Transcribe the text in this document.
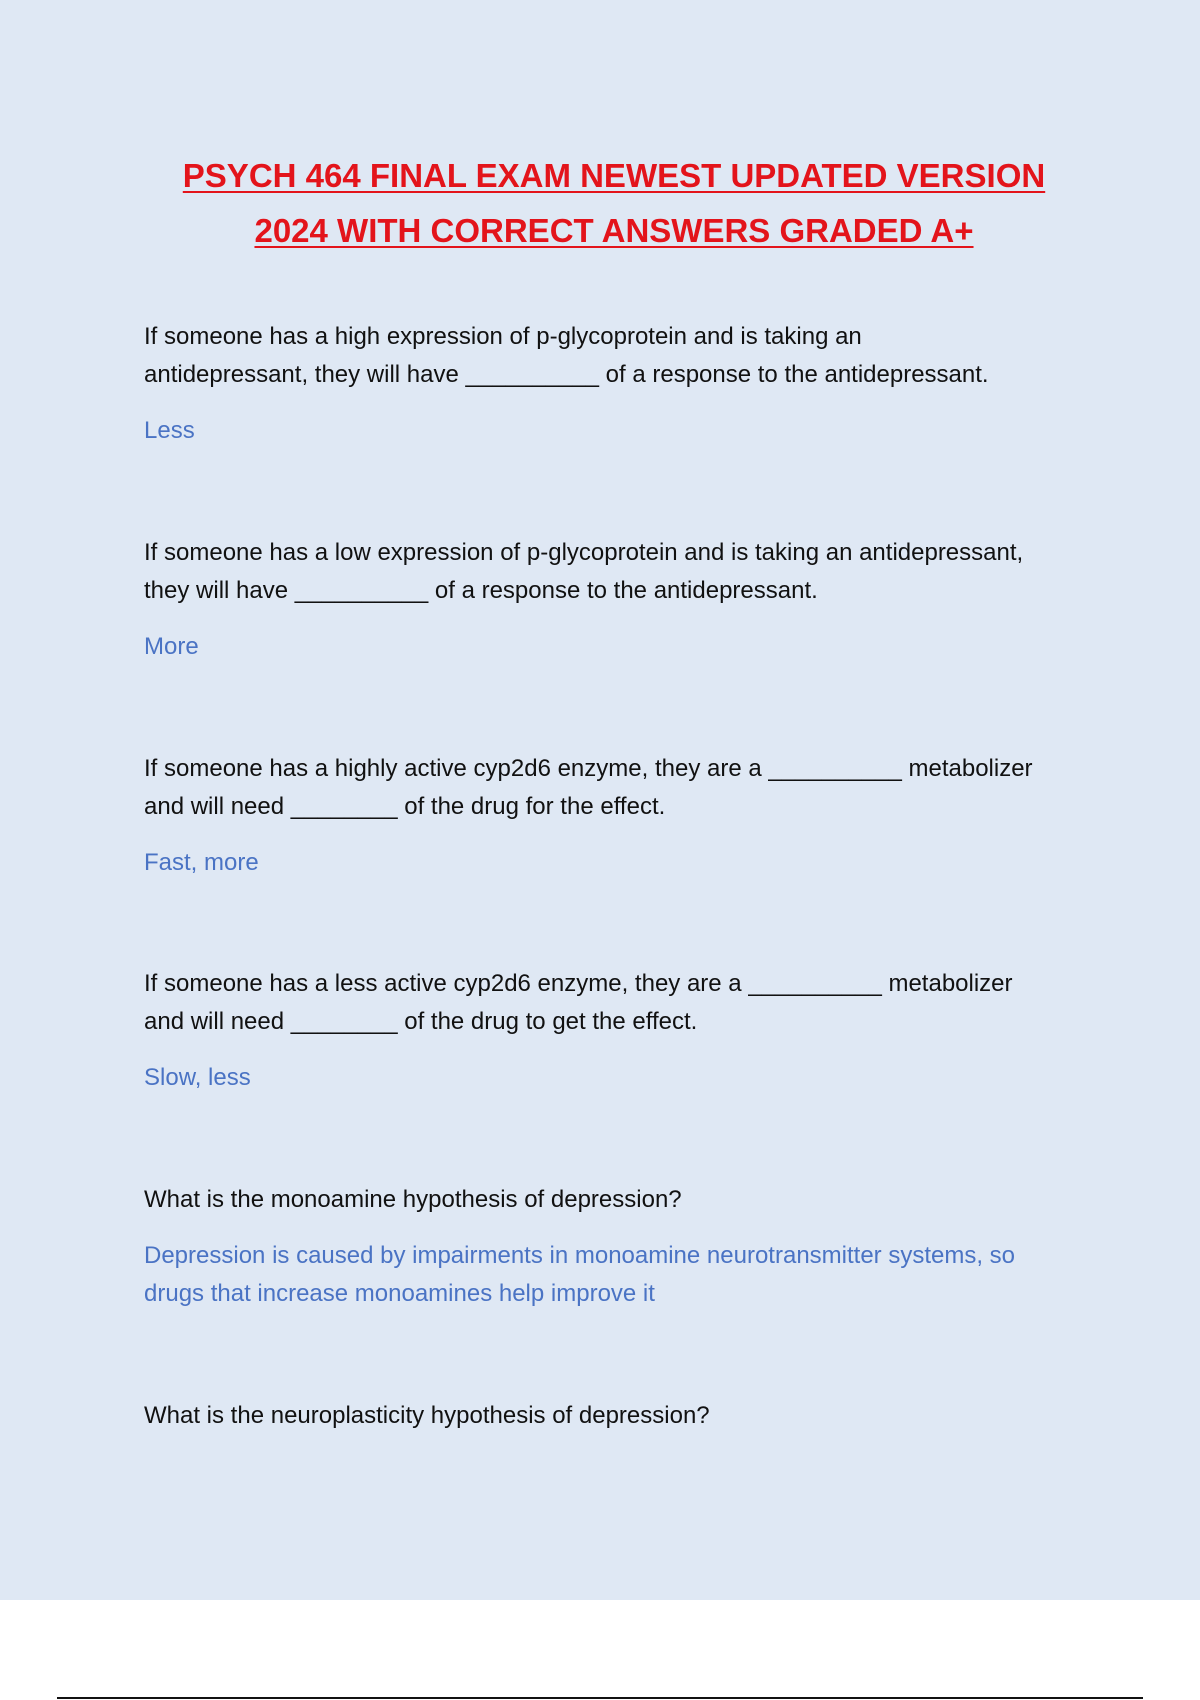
PSYCH 464 FINAL EXAM NEWEST UPDATED VERSION
2024 WITH CORRECT ANSWERS GRADED A+

If someone has a high expression of p-glycoprotein and is taking an
antidepressant, they will have __________ of a response to the antidepressant.

Less

If someone has a low expression of p-glycoprotein and is taking an antidepressant,
they will have __________ of a response to the antidepressant.

More

If someone has a highly active cyp2d6 enzyme, they are a __________ metabolizer
and will need ________ of the drug for the effect.

Fast, more

If someone has a less active cyp2d6 enzyme, they are a __________ metabolizer
and will need ________ of the drug to get the effect.

Slow, less

What is the monoamine hypothesis of depression?

Depression is caused by impairments in monoamine neurotransmitter systems, so
drugs that increase monoamines help improve it

What is the neuroplasticity hypothesis of depression?
